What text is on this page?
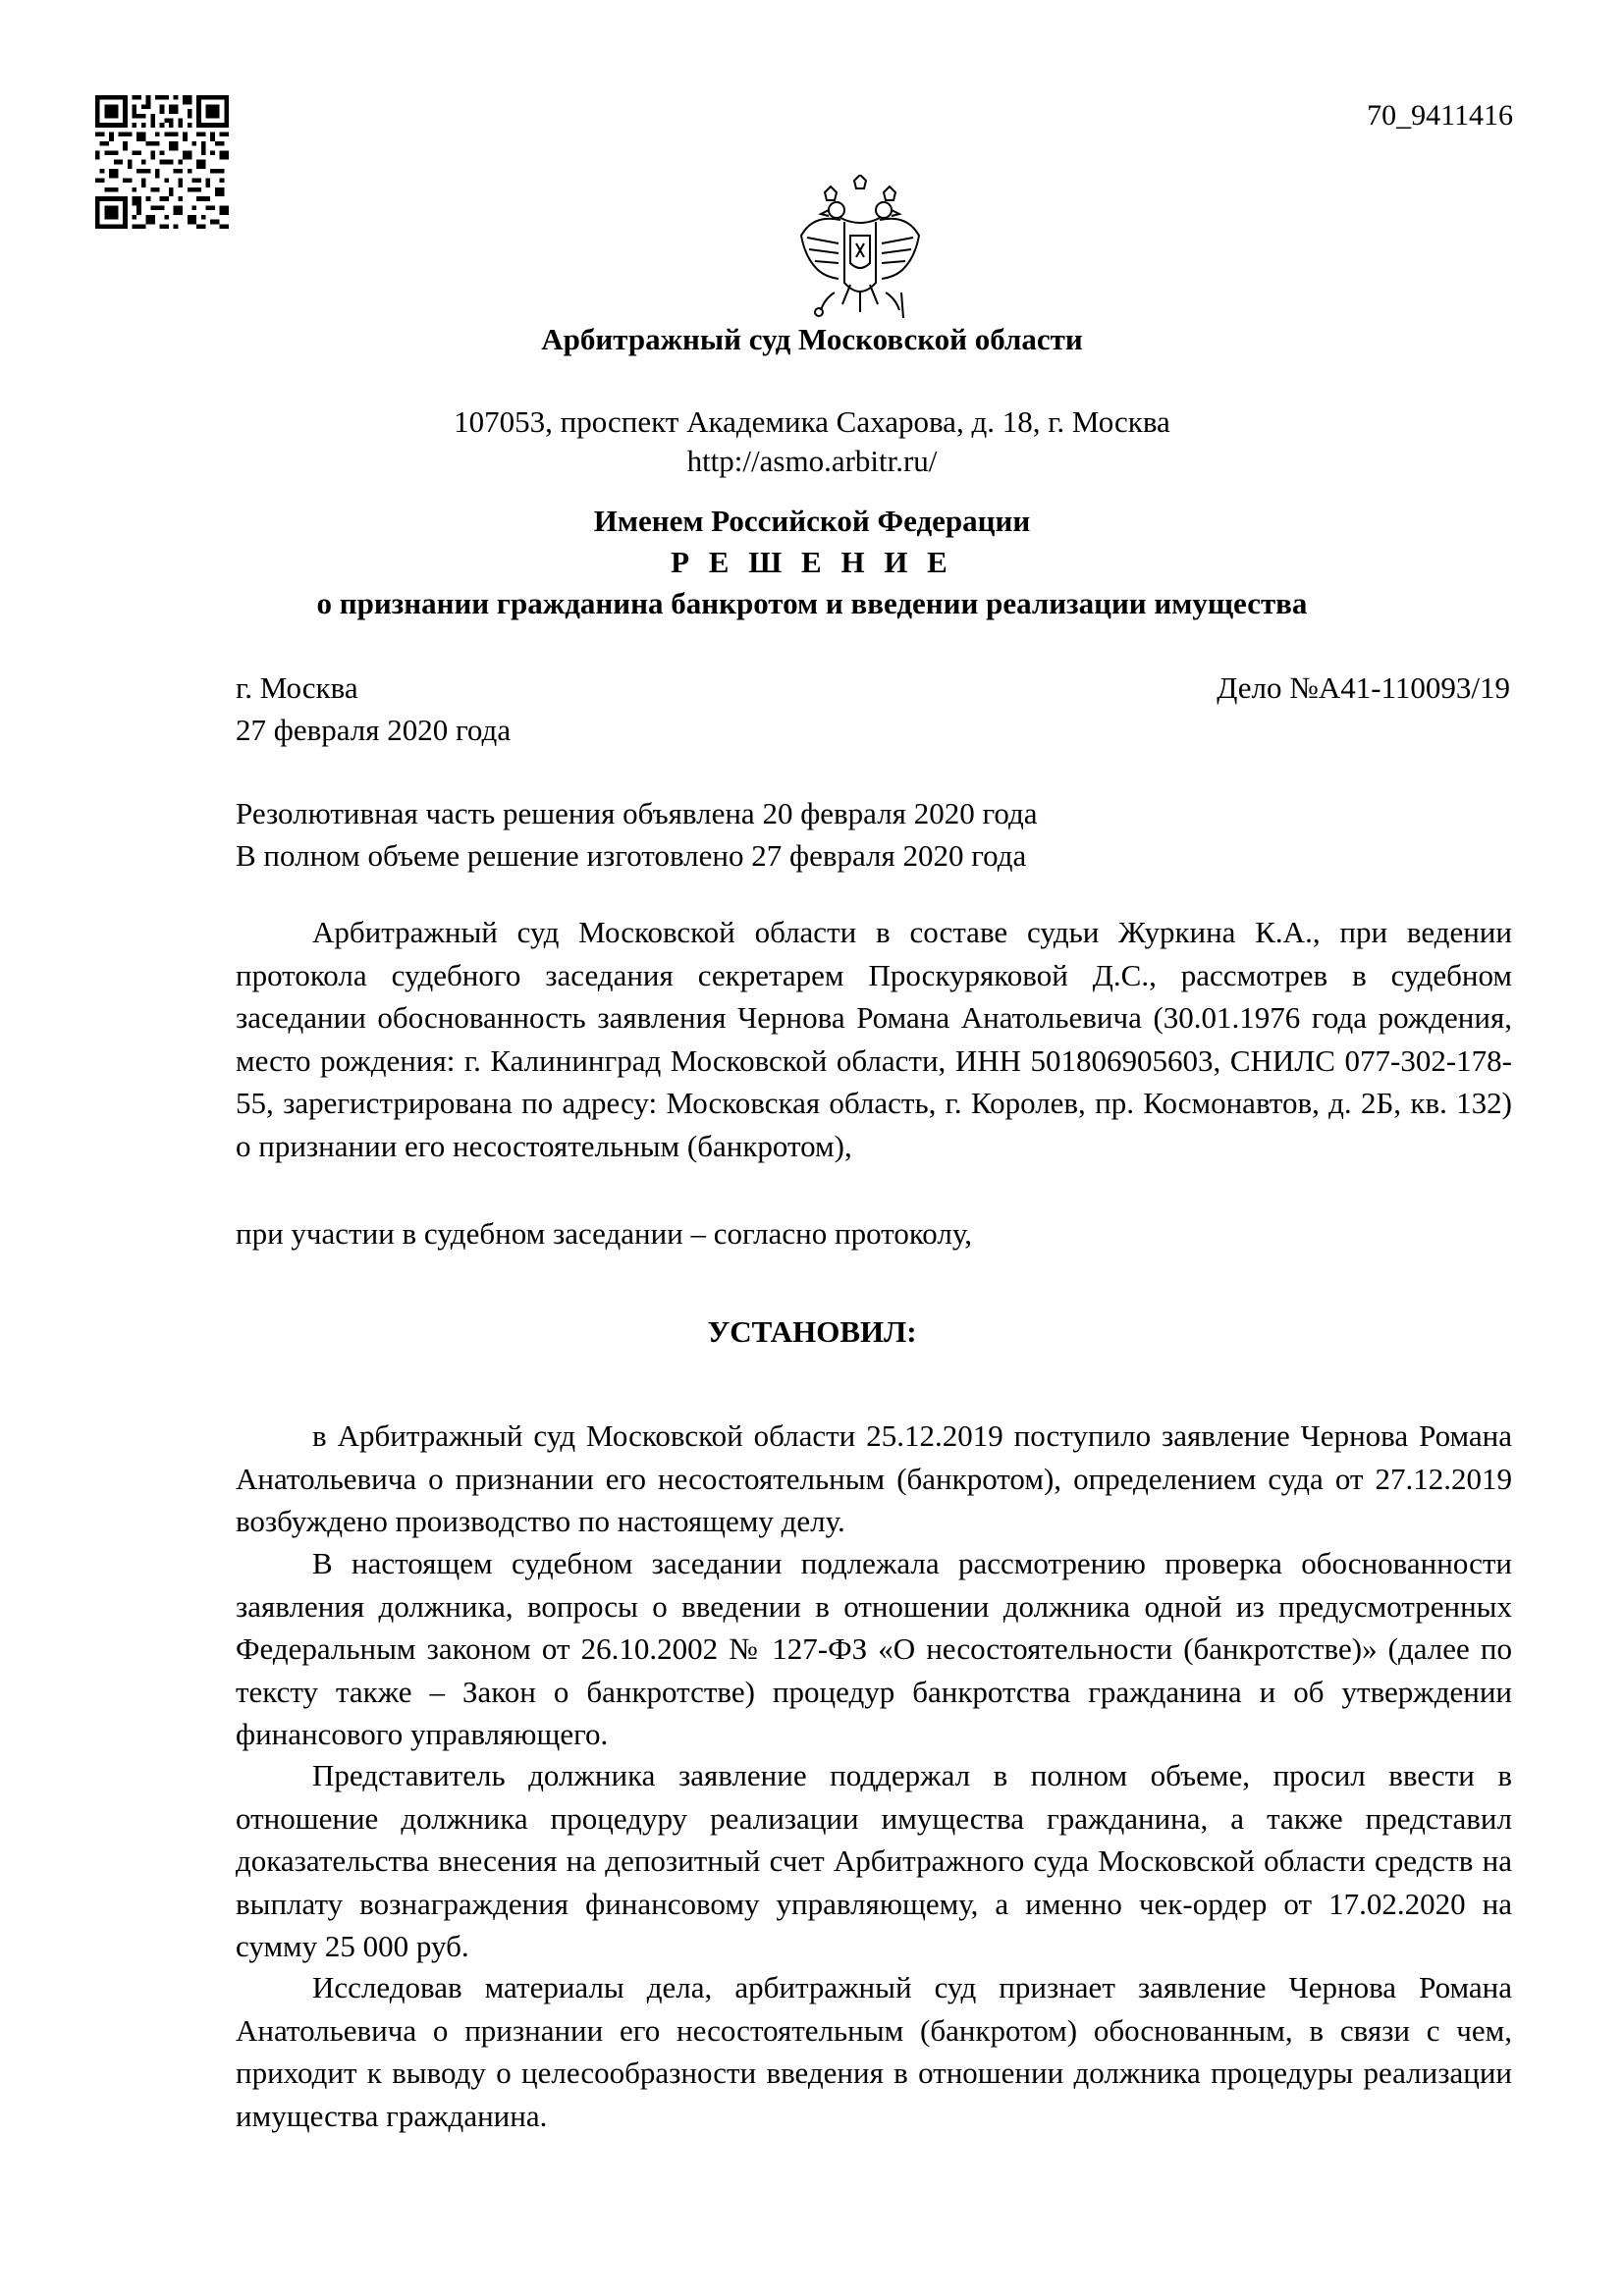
70_9411416
Арбитражный суд Московской области
107053, проспект Академика Сахарова, д. 18, г. Москва
http://asmo.arbitr.ru/
Именем Российской Федерации
Р Е Ш Е Н И Е
о признании гражданина банкротом и введении реализации имущества
г. Москва	Дело №А41-110093/19
27 февраля 2020 года
Резолютивная часть решения объявлена 20 февраля 2020 года
В полном объеме решение изготовлено 27 февраля 2020 года
Арбитражный суд Московской области в составе судьи Журкина К.А., при ведении протокола судебного заседания секретарем Проскуряковой Д.С., рассмотрев в судебном заседании обоснованность заявления Чернова Романа Анатольевича (30.01.1976 года рождения, место рождения: г. Калининград Московской области, ИНН 501806905603, СНИЛС 077-302-178-55, зарегистрирована по адресу: Московская область, г. Королев, пр. Космонавтов, д. 2Б, кв. 132) о признании его несостоятельным (банкротом),
при участии в судебном заседании – согласно протоколу,
УСТАНОВИЛ:
в Арбитражный суд Московской области 25.12.2019 поступило заявление Чернова Романа Анатольевича о признании его несостоятельным (банкротом), определением суда от 27.12.2019 возбуждено производство по настоящему делу.
В настоящем судебном заседании подлежала рассмотрению проверка обоснованности заявления должника, вопросы о введении в отношении должника одной из предусмотренных Федеральным законом от 26.10.2002 № 127-ФЗ «О несостоятельности (банкротстве)» (далее по тексту также – Закон о банкротстве) процедур банкротства гражданина и об утверждении финансового управляющего.
Представитель должника заявление поддержал в полном объеме, просил ввести в отношение должника процедуру реализации имущества гражданина, а также представил доказательства внесения на депозитный счет Арбитражного суда Московской области средств на выплату вознаграждения финансовому управляющему, а именно чек-ордер от 17.02.2020 на сумму 25 000 руб.
Исследовав материалы дела, арбитражный суд признает заявление Чернова Романа Анатольевича о признании его несостоятельным (банкротом) обоснованным, в связи с чем, приходит к выводу о целесообразности введения в отношении должника процедуры реализации имущества гражданина.
